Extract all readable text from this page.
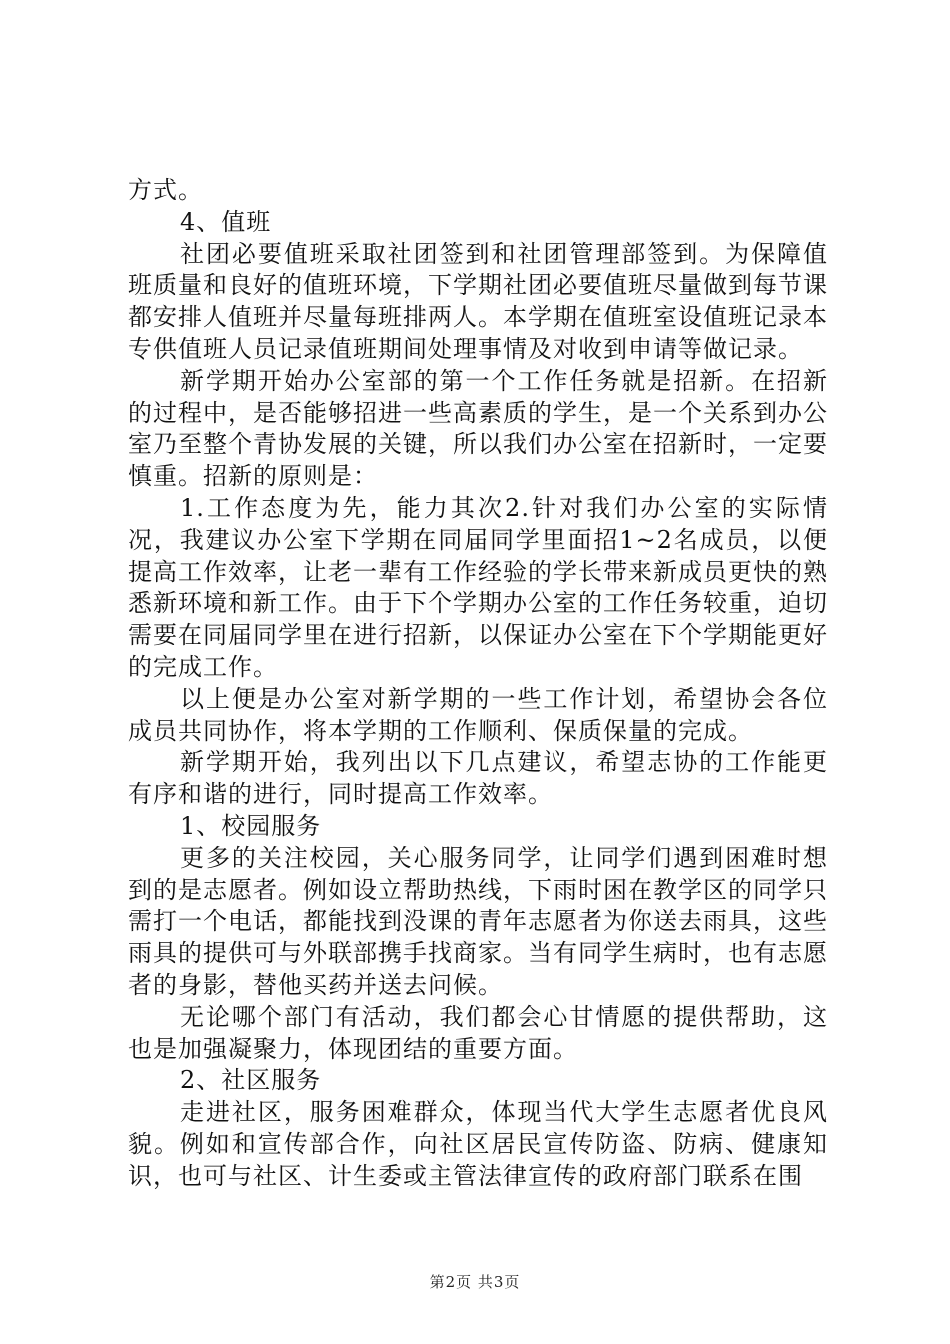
方式。

4、值班

社团必要值班采取社团签到和社团管理部签到。为保障值班质量和良好的值班环境，下学期社团必要值班尽量做到每节课都安排人值班并尽量每班排两人。本学期在值班室设值班记录本专供值班人员记录值班期间处理事情及对收到申请等做记录。

新学期开始办公室部的第一个工作任务就是招新。在招新的过程中，是否能够招进一些高素质的学生，是一个关系到办公室乃至整个青协发展的关键，所以我们办公室在招新时，一定要慎重。招新的原则是：

1.工作态度为先，能力其次2.针对我们办公室的实际情况，我建议办公室下学期在同届同学里面招1~2名成员，以便提高工作效率，让老一辈有工作经验的学长带来新成员更快的熟悉新环境和新工作。由于下个学期办公室的工作任务较重，迫切需要在同届同学里在进行招新，以保证办公室在下个学期能更好的完成工作。

以上便是办公室对新学期的一些工作计划，希望协会各位成员共同协作，将本学期的工作顺利、保质保量的完成。

新学期开始，我列出以下几点建议，希望志协的工作能更有序和谐的进行，同时提高工作效率。

1、校园服务

更多的关注校园，关心服务同学，让同学们遇到困难时想到的是志愿者。例如设立帮助热线，下雨时困在教学区的同学只需打一个电话，都能找到没课的青年志愿者为你送去雨具，这些雨具的提供可与外联部携手找商家。当有同学生病时，也有志愿者的身影，替他买药并送去问候。

无论哪个部门有活动，我们都会心甘情愿的提供帮助，这也是加强凝聚力，体现团结的重要方面。

2、社区服务

走进社区，服务困难群众，体现当代大学生志愿者优良风貌。例如和宣传部合作，向社区居民宣传防盗、防病、健康知识，也可与社区、计生委或主管法律宣传的政府部门联系在围

第2页 共3页
